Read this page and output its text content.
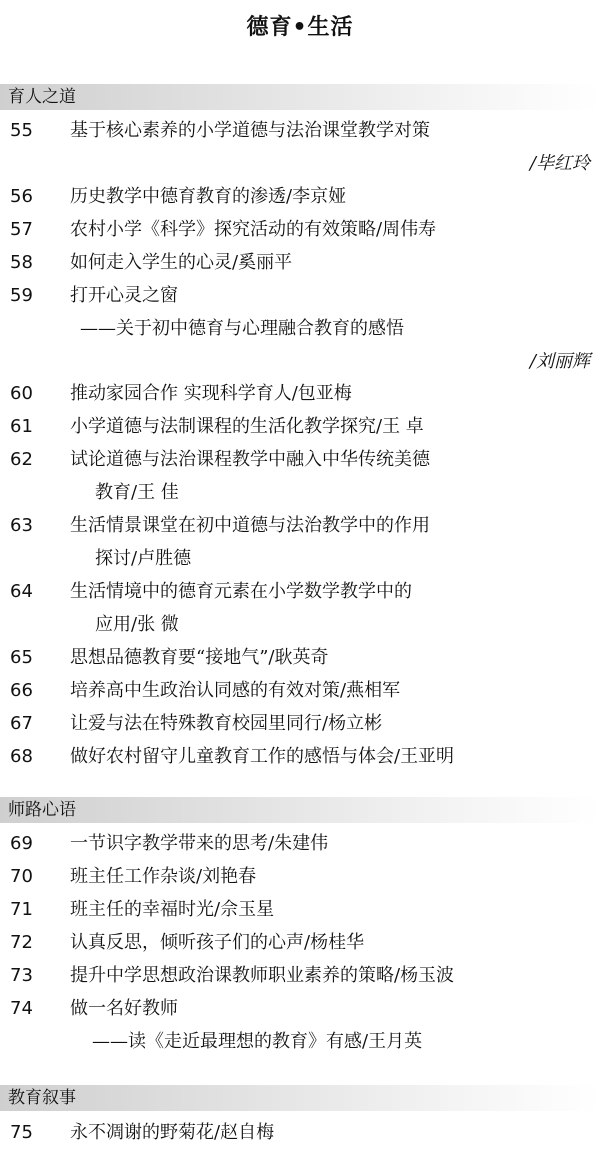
德育•生活
育人之道
55	基于核心素养的小学道德与法治课堂教学对策
/毕红玲
56	历史教学中德育教育的渗透/李京娅
57	农村小学《科学》探究活动的有效策略/周伟寿
58	如何走入学生的心灵/奚丽平
59	打开心灵之窗
——关于初中德育与心理融合教育的感悟
/刘丽辉
60	推动家园合作 实现科学育人/包亚梅
61	小学道德与法制课程的生活化教学探究/王 卓
62	试论道德与法治课程教学中融入中华传统美德
教育/王 佳
63	生活情景课堂在初中道德与法治教学中的作用
探讨/卢胜德
64	生活情境中的德育元素在小学数学教学中的
应用/张 微
65	思想品德教育要“接地气”/耿英奇
66	培养高中生政治认同感的有效对策/燕相军
67	让爱与法在特殊教育校园里同行/杨立彬
68	做好农村留守儿童教育工作的感悟与体会/王亚明
师路心语
69	一节识字教学带来的思考/朱建伟
70	班主任工作杂谈/刘艳春
71	班主任的幸福时光/佘玉星
72	认真反思，倾听孩子们的心声/杨桂华
73	提升中学思想政治课教师职业素养的策略/杨玉波
74	做一名好教师
——读《走近最理想的教育》有感/王月英
教育叙事
75	永不凋谢的野菊花/赵自梅
